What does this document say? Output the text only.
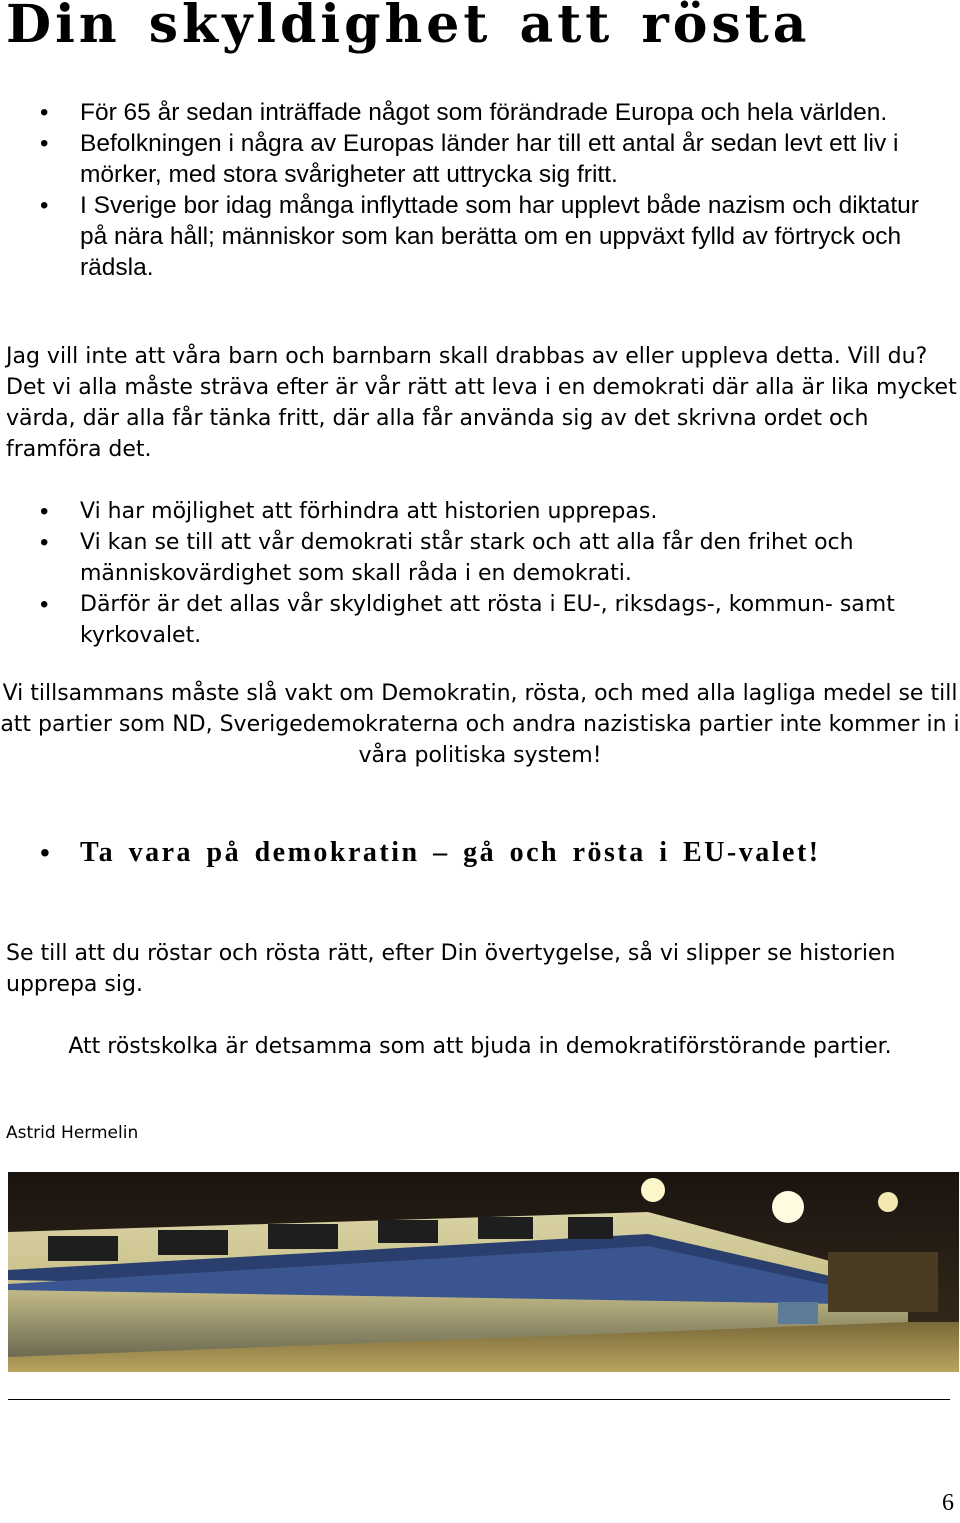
Din skyldighet att rösta
• För 65 år sedan inträffade något som förändrade Europa och hela världen.
• Befolkningen i några av Europas länder har till ett antal år sedan levt ett liv i mörker, med stora svårigheter att uttrycka sig fritt.
• I Sverige bor idag många inflyttade som har upplevt både nazism och diktatur på nära håll; människor som kan berätta om en uppväxt fylld av förtryck och rädsla.

Jag vill inte att våra barn och barnbarn skall drabbas av eller uppleva detta. Vill du? Det vi alla måste sträva efter är vår rätt att leva i en demokrati där alla är lika mycket värda, där alla får tänka fritt, där alla får använda sig av det skrivna ordet och framföra det.

• Vi har möjlighet att förhindra att historien upprepas.
• Vi kan se till att vår demokrati står stark och att alla får den frihet och människovärdighet som skall råda i en demokrati.
• Därför är det allas vår skyldighet att rösta i EU-, riksdags-, kommun- samt kyrkovalet.

Vi tillsammans måste slå vakt om Demokratin, rösta, och med alla lagliga medel se till att partier som ND, Sverigedemokraterna och andra nazistiska partier inte kommer in i våra politiska system!

Ta vara på demokratin – gå och rösta i EU-valet!

Se till att du röstar och rösta rätt, efter Din övertygelse, så vi slipper se historien upprepa sig.

Att röstskolka är detsamma som att bjuda in demokratiförstörande partier.

Astrid Hermelin

6
